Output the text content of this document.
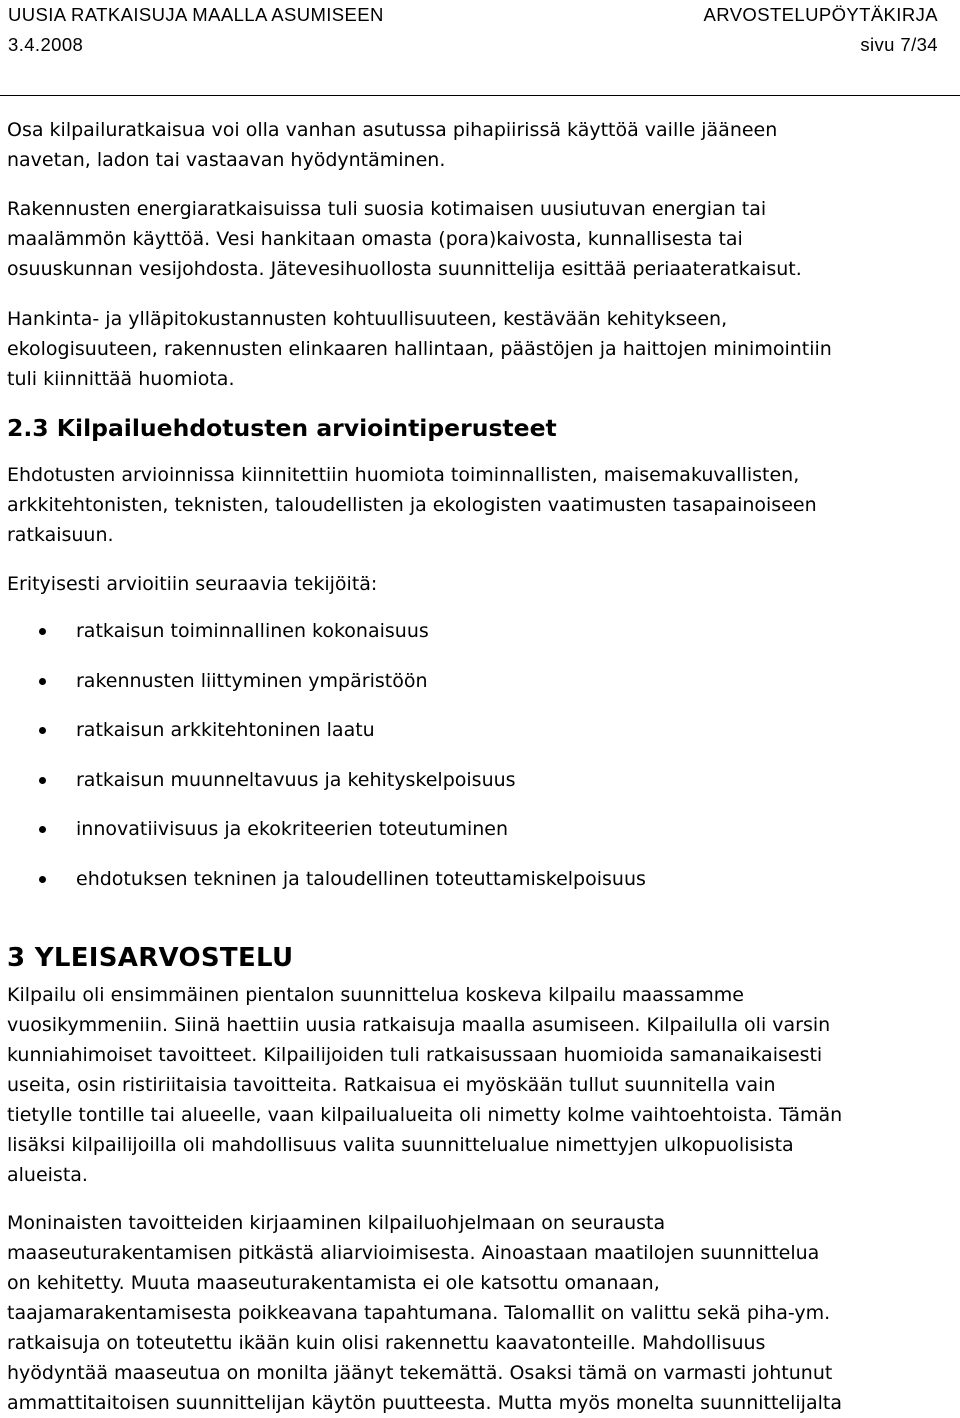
UUSIA RATKAISUJA MAALLA ASUMISEEN	ARVOSTELUPÖYTÄKIRJA
3.4.2008	sivu 7/34
Osa kilpailuratkaisua voi olla vanhan asutussa pihapiirissä käyttöä vaille jääneen
navetan, ladon tai vastaavan hyödyntäminen.
Rakennusten energiaratkaisuissa tuli suosia kotimaisen uusiutuvan energian tai
maalämmön käyttöä. Vesi hankitaan omasta (pora)kaivosta, kunnallisesta tai
osuuskunnan vesijohdosta. Jätevesihuollosta suunnittelija esittää periaateratkaisut.
Hankinta- ja ylläpitokustannusten kohtuullisuuteen, kestävään kehitykseen,
ekologisuuteen, rakennusten elinkaaren hallintaan, päästöjen ja haittojen minimointiin
tuli kiinnittää huomiota.
2.3 Kilpailuehdotusten arviointiperusteet
Ehdotusten arvioinnissa kiinnitettiin huomiota toiminnallisten, maisemakuvallisten,
arkkitehtonisten, teknisten, taloudellisten ja ekologisten vaatimusten tasapainoiseen
ratkaisuun.
Erityisesti arvioitiin seuraavia tekijöitä:
ratkaisun toiminnallinen kokonaisuus
rakennusten liittyminen ympäristöön
ratkaisun arkkitehtoninen laatu
ratkaisun muunneltavuus ja kehityskelpoisuus
innovatiivisuus ja ekokriteerien toteutuminen
ehdotuksen tekninen ja taloudellinen toteuttamiskelpoisuus
3 YLEISARVOSTELU
Kilpailu oli ensimmäinen pientalon suunnittelua koskeva kilpailu maassamme
vuosikymmeniin. Siinä haettiin uusia ratkaisuja maalla asumiseen. Kilpailulla oli varsin
kunniahimoiset tavoitteet. Kilpailijoiden tuli ratkaisussaan huomioida samanaikaisesti
useita, osin ristiriitaisia tavoitteita. Ratkaisua ei myöskään tullut suunnitella vain
tietylle tontille tai alueelle, vaan kilpailualueita oli nimetty kolme vaihtoehtoista. Tämän
lisäksi kilpailijoilla oli mahdollisuus valita suunnittelualue nimettyjen ulkopuolisista
alueista.
Moninaisten tavoitteiden kirjaaminen kilpailuohjelmaan on seurausta
maaseuturakentamisen pitkästä aliarvioimisesta. Ainoastaan maatilojen suunnittelua
on kehitetty. Muuta maaseuturakentamista ei ole katsottu omanaan,
taajamarakentamisesta poikkeavana tapahtumana. Talomallit on valittu sekä piha-ym.
ratkaisuja on toteutettu ikään kuin olisi rakennettu kaavatonteille. Mahdollisuus
hyödyntää maaseutua on monilta jäänyt tekemättä. Osaksi tämä on varmasti johtunut
ammattitaitoisen suunnittelijan käytön puutteesta. Mutta myös monelta suunnittelijalta
